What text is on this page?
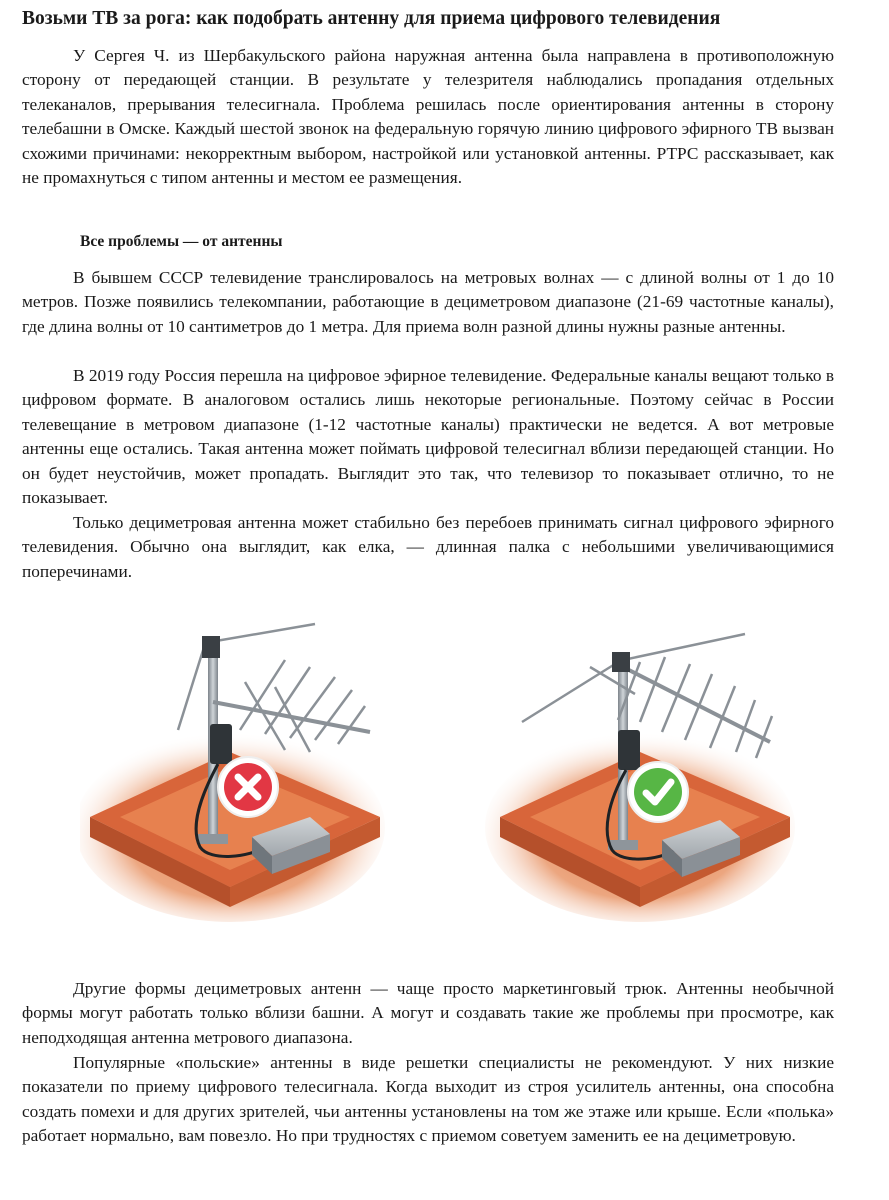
Возьми ТВ за рога: как подобрать антенну для приема цифрового телевидения

У Сергея Ч. из Шербакульского района наружная антенна была направлена в противоположную сторону от передающей станции. В результате у телезрителя наблюдались пропадания отдельных телеканалов, прерывания телесигнала. Проблема решилась после ориентирования антенны в сторону телебашни в Омске. Каждый шестой звонок на федеральную горячую линию цифрового эфирного ТВ вызван схожими причинами: некорректным выбором, настройкой или установкой антенны. РТРС рассказывает, как не промахнуться с типом антенны и местом ее размещения.

Все проблемы — от антенны

В бывшем СССР телевидение транслировалось на метровых волнах — с длиной волны от 1 до 10 метров. Позже появились телекомпании, работающие в дециметровом диапазоне (21-69 частотные каналы), где длина волны от 10 сантиметров до 1 метра. Для приема волн разной длины нужны разные антенны.

В 2019 году Россия перешла на цифровое эфирное телевидение. Федеральные каналы вещают только в цифровом формате. В аналоговом остались лишь некоторые региональные. Поэтому сейчас в России телевещание в метровом диапазоне (1-12 частотные каналы) практически не ведется. А вот метровые антенны еще остались. Такая антенна может поймать цифровой телесигнал вблизи передающей станции. Но он будет неустойчив, может пропадать. Выглядит это так, что телевизор то показывает отлично, то не показывает.

Только дециметровая антенна может стабильно без перебоев принимать сигнал цифрового эфирного телевидения. Обычно она выглядит, как елка, — длинная палка с небольшими увеличивающимися поперечинами.

Другие формы дециметровых антенн — чаще просто маркетинговый трюк. Антенны необычной формы могут работать только вблизи башни. А могут и создавать такие же проблемы при просмотре, как неподходящая антенна метрового диапазона.

Популярные «польские» антенны в виде решетки специалисты не рекомендуют. У них низкие показатели по приему цифрового телесигнала. Когда выходит из строя усилитель антенны, она способна создать помехи и для других зрителей, чьи антенны установлены на том же этаже или крыше. Если «полька» работает нормально, вам повезло. Но при трудностях с приемом советуем заменить ее на дециметровую.
